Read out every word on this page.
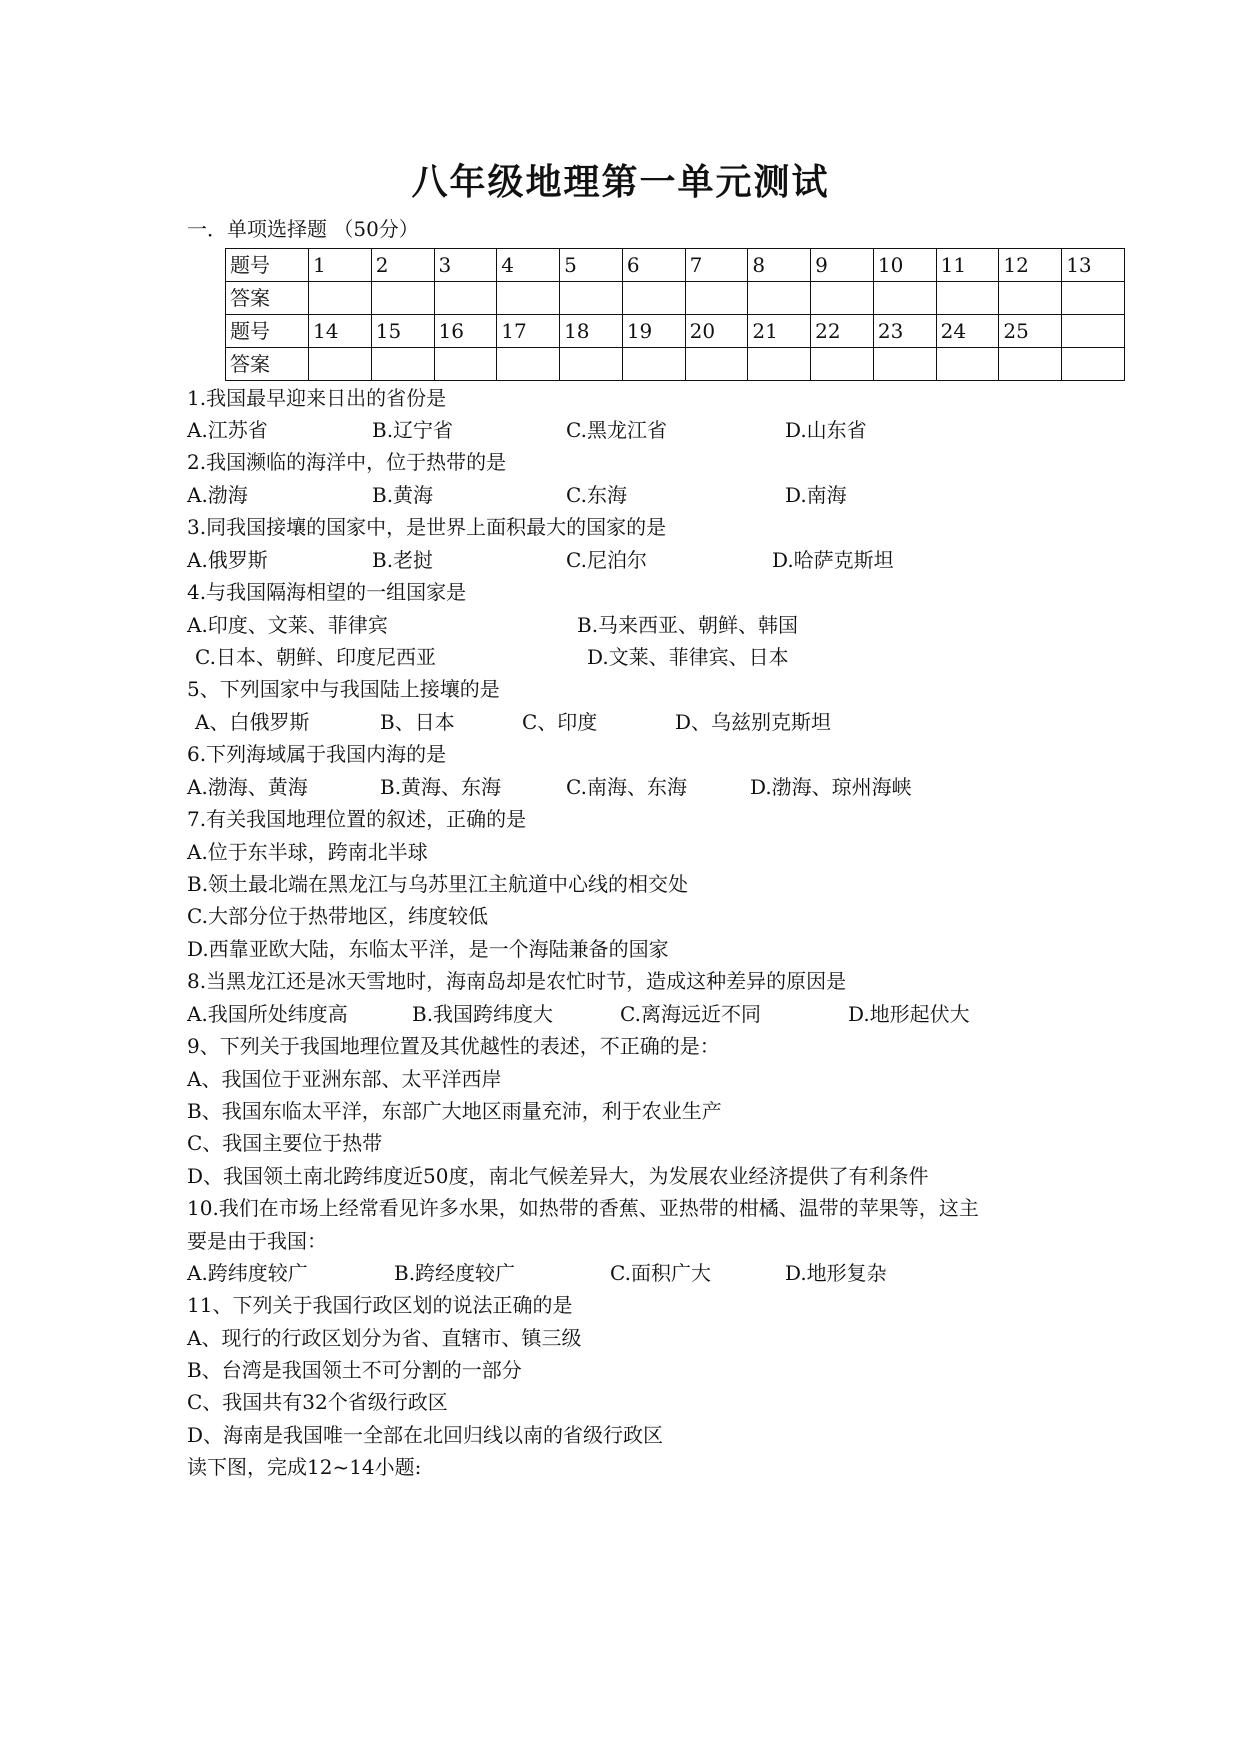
八年级地理第一单元测试
一．单项选择题 （50分）
题号	1	2	3	4	5	6	7	8	9	10	11	12	13
答案													
题号	14	15	16	17	18	19	20	21	22	23	24	25	
答案													
1.我国最早迎来日出的省份是
A.江苏省	B.辽宁省	C.黑龙江省	D.山东省
2.我国濒临的海洋中，位于热带的是
A.渤海	B.黄海	C.东海	D.南海
3.同我国接壤的国家中，是世界上面积最大的国家的是
A.俄罗斯	B.老挝	C.尼泊尔	D.哈萨克斯坦
4.与我国隔海相望的一组国家是
A.印度、文莱、菲律宾	B.马来西亚、朝鲜、韩国
C.日本、朝鲜、印度尼西亚	D.文莱、菲律宾、日本
5、下列国家中与我国陆上接壤的是
A、白俄罗斯	B、日本	C、印度	D、乌兹别克斯坦
6.下列海域属于我国内海的是
A.渤海、黄海	B.黄海、东海	C.南海、东海	D.渤海、琼州海峡
7.有关我国地理位置的叙述，正确的是
A.位于东半球，跨南北半球
B.领土最北端在黑龙江与乌苏里江主航道中心线的相交处
C.大部分位于热带地区，纬度较低
D.西靠亚欧大陆，东临太平洋，是一个海陆兼备的国家
8.当黑龙江还是冰天雪地时，海南岛却是农忙时节，造成这种差异的原因是
A.我国所处纬度高	B.我国跨纬度大	C.离海远近不同	D.地形起伏大
9、下列关于我国地理位置及其优越性的表述，不正确的是：
A、我国位于亚洲东部、太平洋西岸
B、我国东临太平洋，东部广大地区雨量充沛，利于农业生产
C、我国主要位于热带
D、我国领土南北跨纬度近50度，南北气候差异大，为发展农业经济提供了有利条件
10.我们在市场上经常看见许多水果，如热带的香蕉、亚热带的柑橘、温带的苹果等，这主
要是由于我国：
A.跨纬度较广	B.跨经度较广	C.面积广大	D.地形复杂
11、下列关于我国行政区划的说法正确的是
A、现行的行政区划分为省、直辖市、镇三级
B、台湾是我国领土不可分割的一部分
C、我国共有32个省级行政区
D、海南是我国唯一全部在北回归线以南的省级行政区
读下图，完成12~14小题:
